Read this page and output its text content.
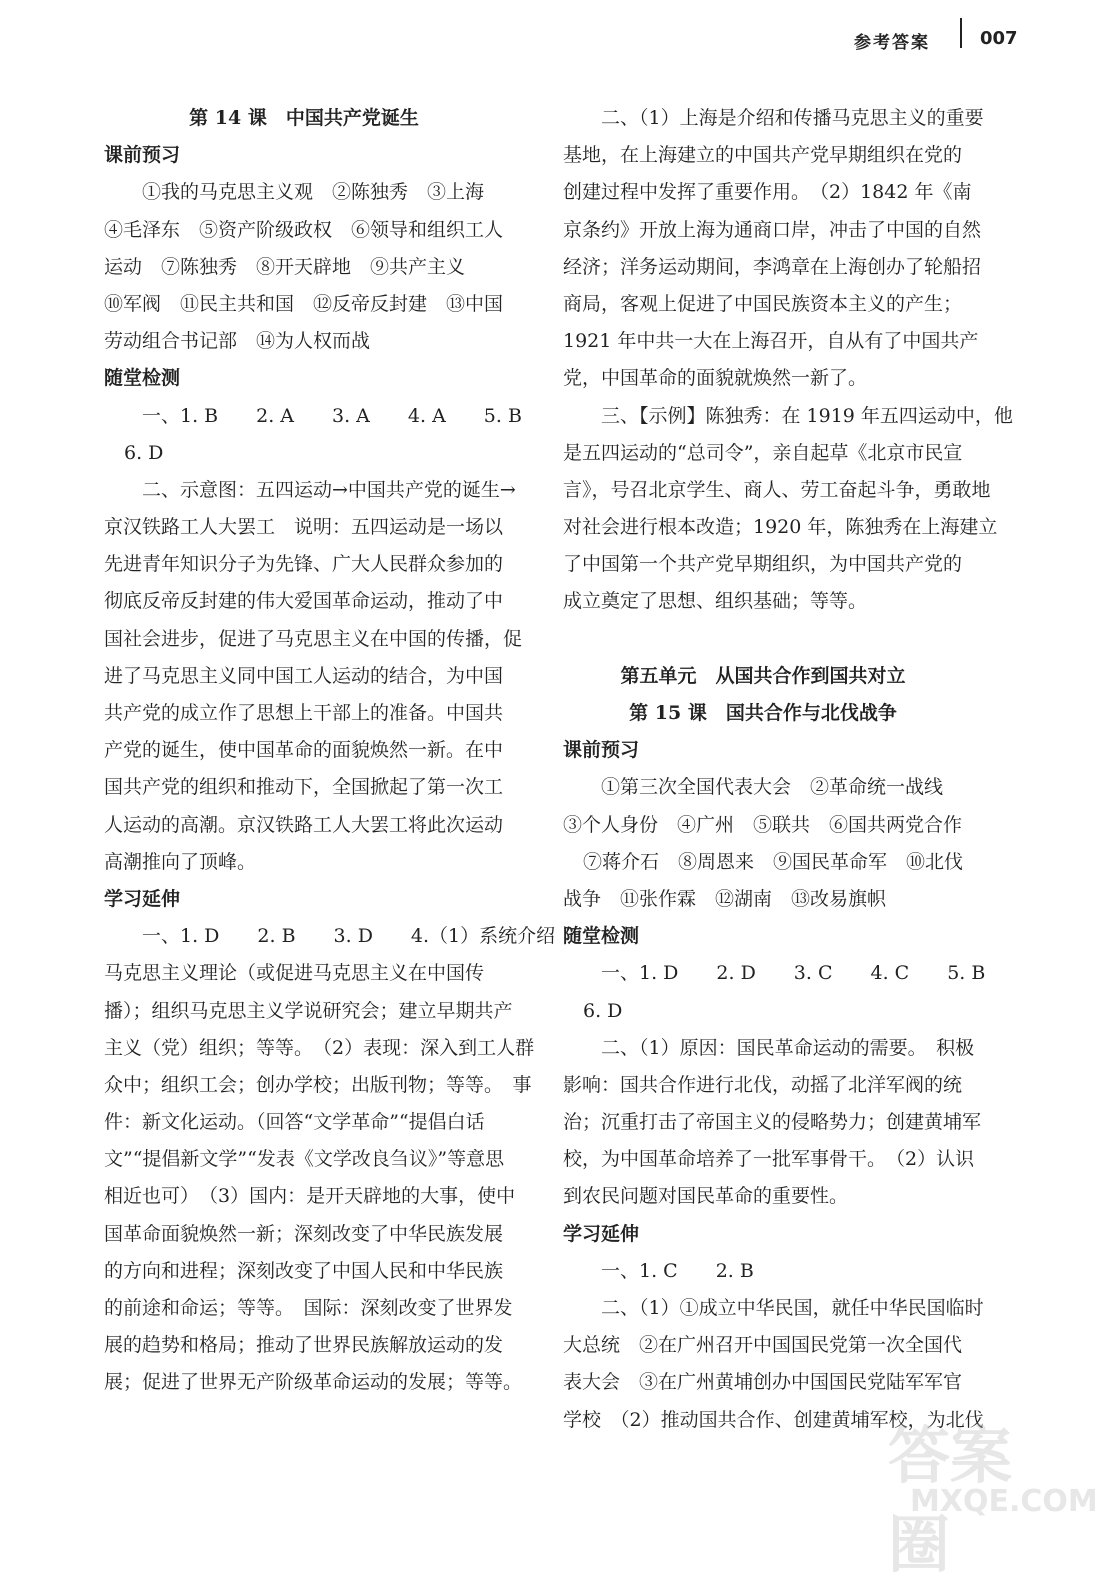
参考答案	007
第 14 课　中国共产党诞生
课前预习
①我的马克思主义观　②陈独秀　③上海
④毛泽东　⑤资产阶级政权　⑥领导和组织工人
运动　⑦陈独秀　⑧开天辟地　⑨共产主义
⑩军阀　⑪民主共和国　⑫反帝反封建　⑬中国
劳动组合书记部　⑭为人权而战
随堂检测
一、1. B　　2. A　　3. A　　4. A　　5. B
6. D
二、示意图：五四运动→中国共产党的诞生→
京汉铁路工人大罢工　说明：五四运动是一场以
先进青年知识分子为先锋、广大人民群众参加的
彻底反帝反封建的伟大爱国革命运动，推动了中
国社会进步，促进了马克思主义在中国的传播，促
进了马克思主义同中国工人运动的结合，为中国
共产党的成立作了思想上干部上的准备。中国共
产党的诞生，使中国革命的面貌焕然一新。在中
国共产党的组织和推动下，全国掀起了第一次工
人运动的高潮。京汉铁路工人大罢工将此次运动
高潮推向了顶峰。
学习延伸
一、1. D　　2. B　　3. D　　4.（1）系统介绍
马克思主义理论（或促进马克思主义在中国传
播）；组织马克思主义学说研究会；建立早期共产
主义（党）组织；等等。　（2）表现：深入到工人群
众中；组织工会；创办学校；出版刊物；等等。　事
件：新文化运动。（回答“文学革命”“提倡白话
文”“提倡新文学”“发表《文学改良刍议》”等意思
相近也可）　（3）国内：是开天辟地的大事，使中
国革命面貌焕然一新；深刻改变了中华民族发展
的方向和进程；深刻改变了中国人民和中华民族
的前途和命运；等等。　国际：深刻改变了世界发
展的趋势和格局；推动了世界民族解放运动的发
展；促进了世界无产阶级革命运动的发展；等等。
二、（1）上海是介绍和传播马克思主义的重要
基地，在上海建立的中国共产党早期组织在党的
创建过程中发挥了重要作用。　（2）1842 年《南
京条约》开放上海为通商口岸，冲击了中国的自然
经济；洋务运动期间，李鸿章在上海创办了轮船招
商局，客观上促进了中国民族资本主义的产生；
1921 年中共一大在上海召开，自从有了中国共产
党，中国革命的面貌就焕然一新了。
三、【示例】陈独秀：在 1919 年五四运动中，他
是五四运动的“总司令”，亲自起草《北京市民宣
言》，号召北京学生、商人、劳工奋起斗争，勇敢地
对社会进行根本改造；1920 年，陈独秀在上海建立
了中国第一个共产党早期组织，为中国共产党的
成立奠定了思想、组织基础；等等。
第五单元　从国共合作到国共对立
第 15 课　国共合作与北伐战争
课前预习
①第三次全国代表大会　②革命统一战线
③个人身份　④广州　⑤联共　⑥国共两党合作
⑦蒋介石　⑧周恩来　⑨国民革命军　⑩北伐
战争　⑪张作霖　⑫湖南　⑬改易旗帜
随堂检测
一、1. D　　2. D　　3. C　　4. C　　5. B
6. D
二、（1）原因：国民革命运动的需要。　积极
影响：国共合作进行北伐，动摇了北洋军阀的统
治；沉重打击了帝国主义的侵略势力；创建黄埔军
校，为中国革命培养了一批军事骨干。　（2）认识
到农民问题对国民革命的重要性。
学习延伸
一、1. C　　2. B
二、（1）①成立中华民国，就任中华民国临时
大总统　②在广州召开中国国民党第一次全国代
表大会　③在广州黄埔创办中国国民党陆军军官
学校　（2）推动国共合作、创建黄埔军校，为北伐
答案圈
MXQE.COM
